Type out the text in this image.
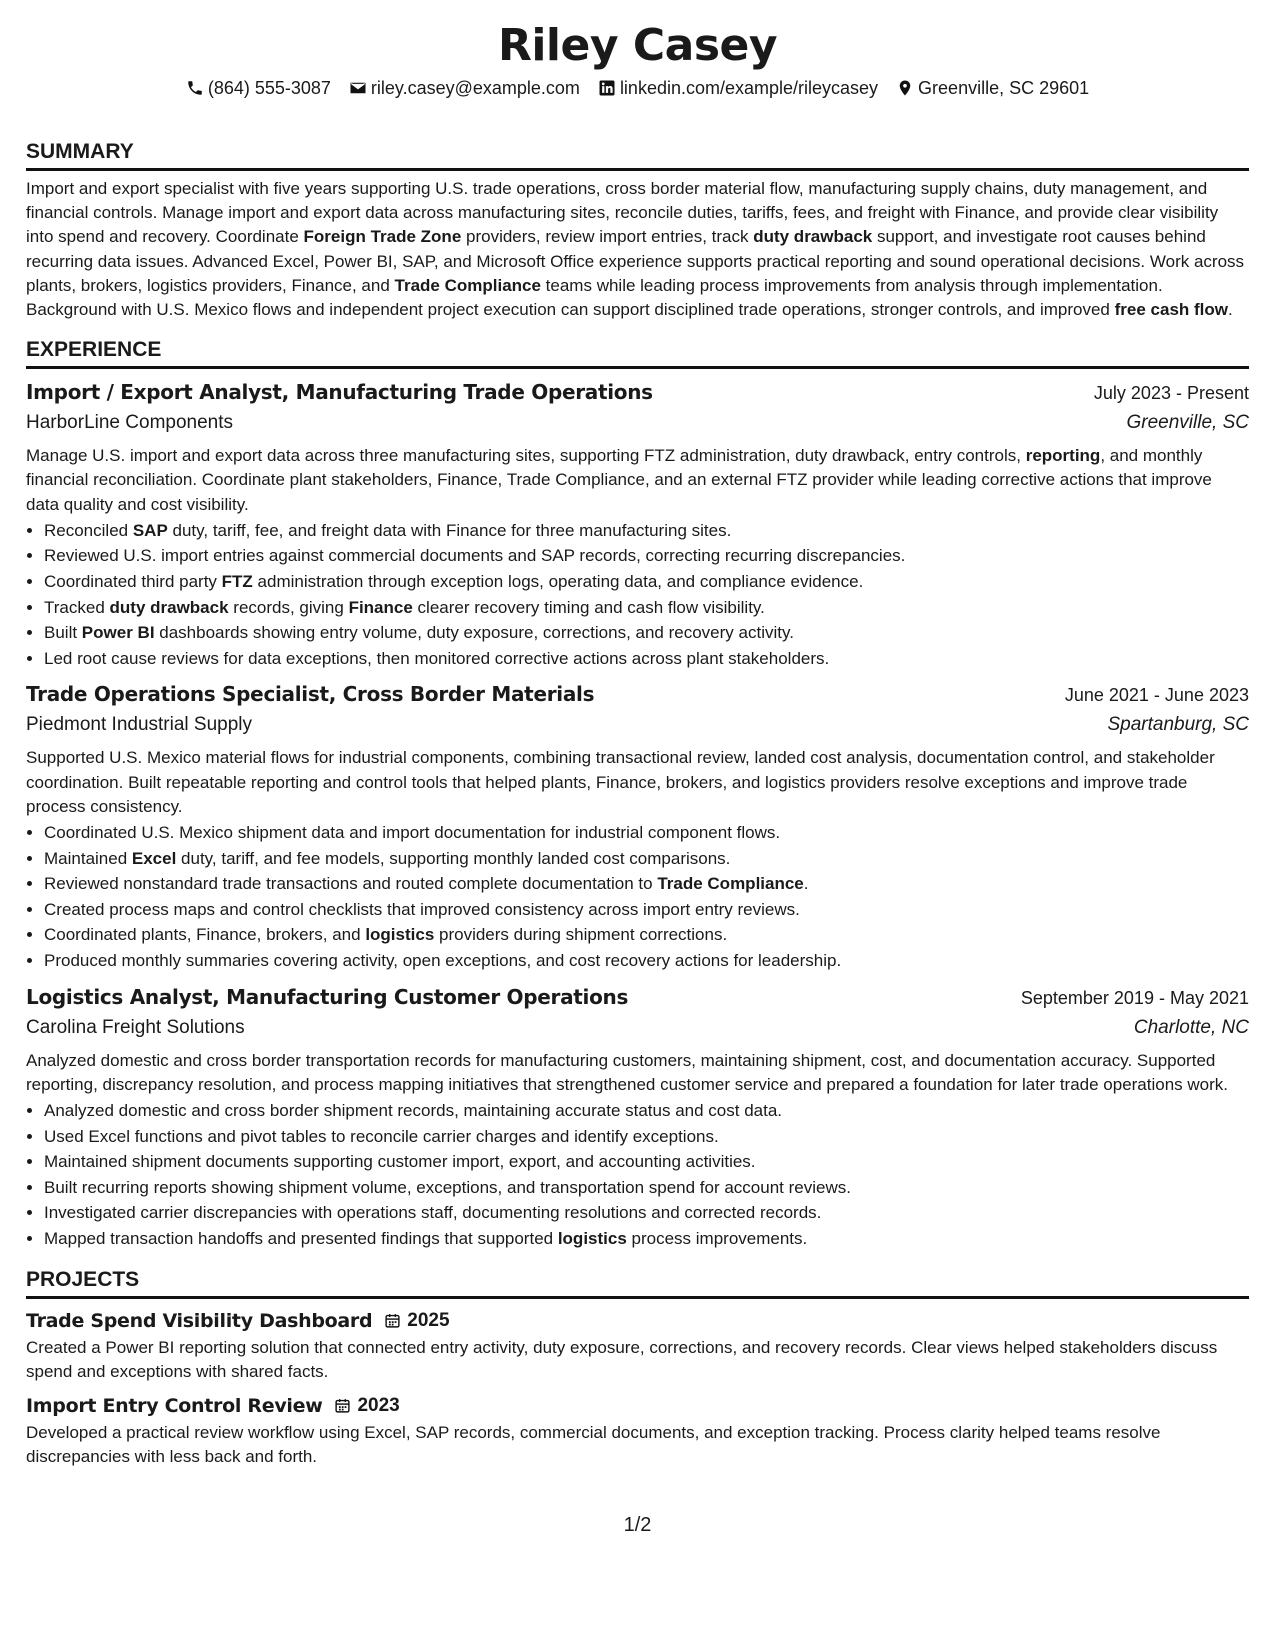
Riley Casey
(864) 555-3087 riley.casey@example.com linkedin.com/example/rileycasey Greenville, SC 29601
SUMMARY
Import and export specialist with five years supporting U.S. trade operations, cross border material flow, manufacturing supply chains, duty management, and financial controls. Manage import and export data across manufacturing sites, reconcile duties, tariffs, fees, and freight with Finance, and provide clear visibility into spend and recovery. Coordinate Foreign Trade Zone providers, review import entries, track duty drawback support, and investigate root causes behind recurring data issues. Advanced Excel, Power BI, SAP, and Microsoft Office experience supports practical reporting and sound operational decisions. Work across plants, brokers, logistics providers, Finance, and Trade Compliance teams while leading process improvements from analysis through implementation. Background with U.S. Mexico flows and independent project execution can support disciplined trade operations, stronger controls, and improved free cash flow.
EXPERIENCE
Import / Export Analyst, Manufacturing Trade Operations	July 2023 - Present
HarborLine Components	Greenville, SC
Manage U.S. import and export data across three manufacturing sites, supporting FTZ administration, duty drawback, entry controls, reporting, and monthly financial reconciliation. Coordinate plant stakeholders, Finance, Trade Compliance, and an external FTZ provider while leading corrective actions that improve data quality and cost visibility.
• Reconciled SAP duty, tariff, fee, and freight data with Finance for three manufacturing sites.
• Reviewed U.S. import entries against commercial documents and SAP records, correcting recurring discrepancies.
• Coordinated third party FTZ administration through exception logs, operating data, and compliance evidence.
• Tracked duty drawback records, giving Finance clearer recovery timing and cash flow visibility.
• Built Power BI dashboards showing entry volume, duty exposure, corrections, and recovery activity.
• Led root cause reviews for data exceptions, then monitored corrective actions across plant stakeholders.
Trade Operations Specialist, Cross Border Materials	June 2021 - June 2023
Piedmont Industrial Supply	Spartanburg, SC
Supported U.S. Mexico material flows for industrial components, combining transactional review, landed cost analysis, documentation control, and stakeholder coordination. Built repeatable reporting and control tools that helped plants, Finance, brokers, and logistics providers resolve exceptions and improve trade process consistency.
• Coordinated U.S. Mexico shipment data and import documentation for industrial component flows.
• Maintained Excel duty, tariff, and fee models, supporting monthly landed cost comparisons.
• Reviewed nonstandard trade transactions and routed complete documentation to Trade Compliance.
• Created process maps and control checklists that improved consistency across import entry reviews.
• Coordinated plants, Finance, brokers, and logistics providers during shipment corrections.
• Produced monthly summaries covering activity, open exceptions, and cost recovery actions for leadership.
Logistics Analyst, Manufacturing Customer Operations	September 2019 - May 2021
Carolina Freight Solutions	Charlotte, NC
Analyzed domestic and cross border transportation records for manufacturing customers, maintaining shipment, cost, and documentation accuracy. Supported reporting, discrepancy resolution, and process mapping initiatives that strengthened customer service and prepared a foundation for later trade operations work.
• Analyzed domestic and cross border shipment records, maintaining accurate status and cost data.
• Used Excel functions and pivot tables to reconcile carrier charges and identify exceptions.
• Maintained shipment documents supporting customer import, export, and accounting activities.
• Built recurring reports showing shipment volume, exceptions, and transportation spend for account reviews.
• Investigated carrier discrepancies with operations staff, documenting resolutions and corrected records.
• Mapped transaction handoffs and presented findings that supported logistics process improvements.
PROJECTS
Trade Spend Visibility Dashboard 2025
Created a Power BI reporting solution that connected entry activity, duty exposure, corrections, and recovery records. Clear views helped stakeholders discuss spend and exceptions with shared facts.
Import Entry Control Review 2023
Developed a practical review workflow using Excel, SAP records, commercial documents, and exception tracking. Process clarity helped teams resolve discrepancies with less back and forth.
1/2
